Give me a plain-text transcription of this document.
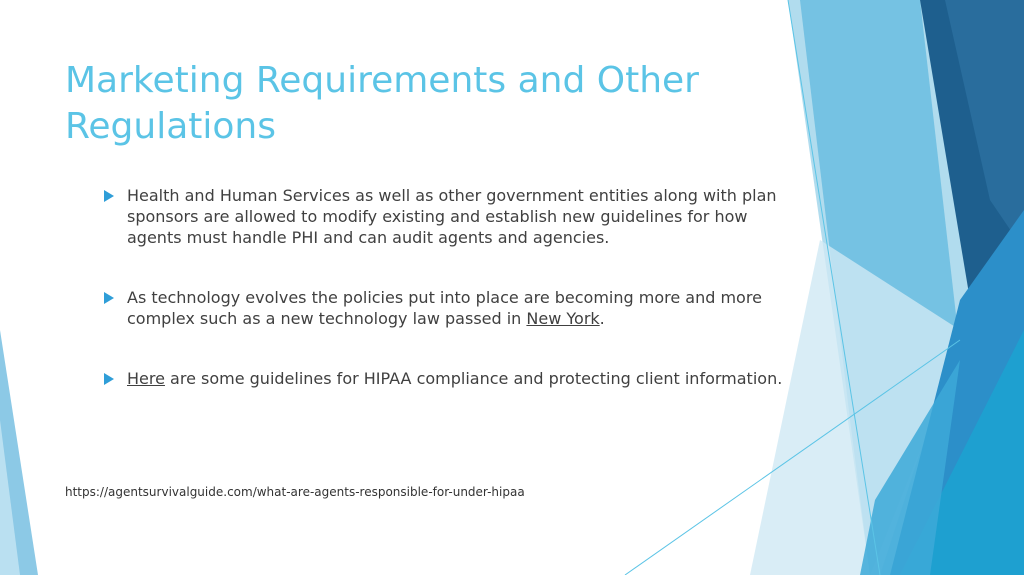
Marketing Requirements and Other Regulations
Health and Human Services as well as other government entities along with plan sponsors are allowed to modify existing and establish new guidelines for how agents must handle PHI and can audit agents and agencies.
As technology evolves the policies put into place are becoming more and more complex such as a new technology law passed in New York.
Here are some guidelines for HIPAA compliance and protecting client information.
https://agentsurvivalguide.com/what-are-agents-responsible-for-under-hipaa
